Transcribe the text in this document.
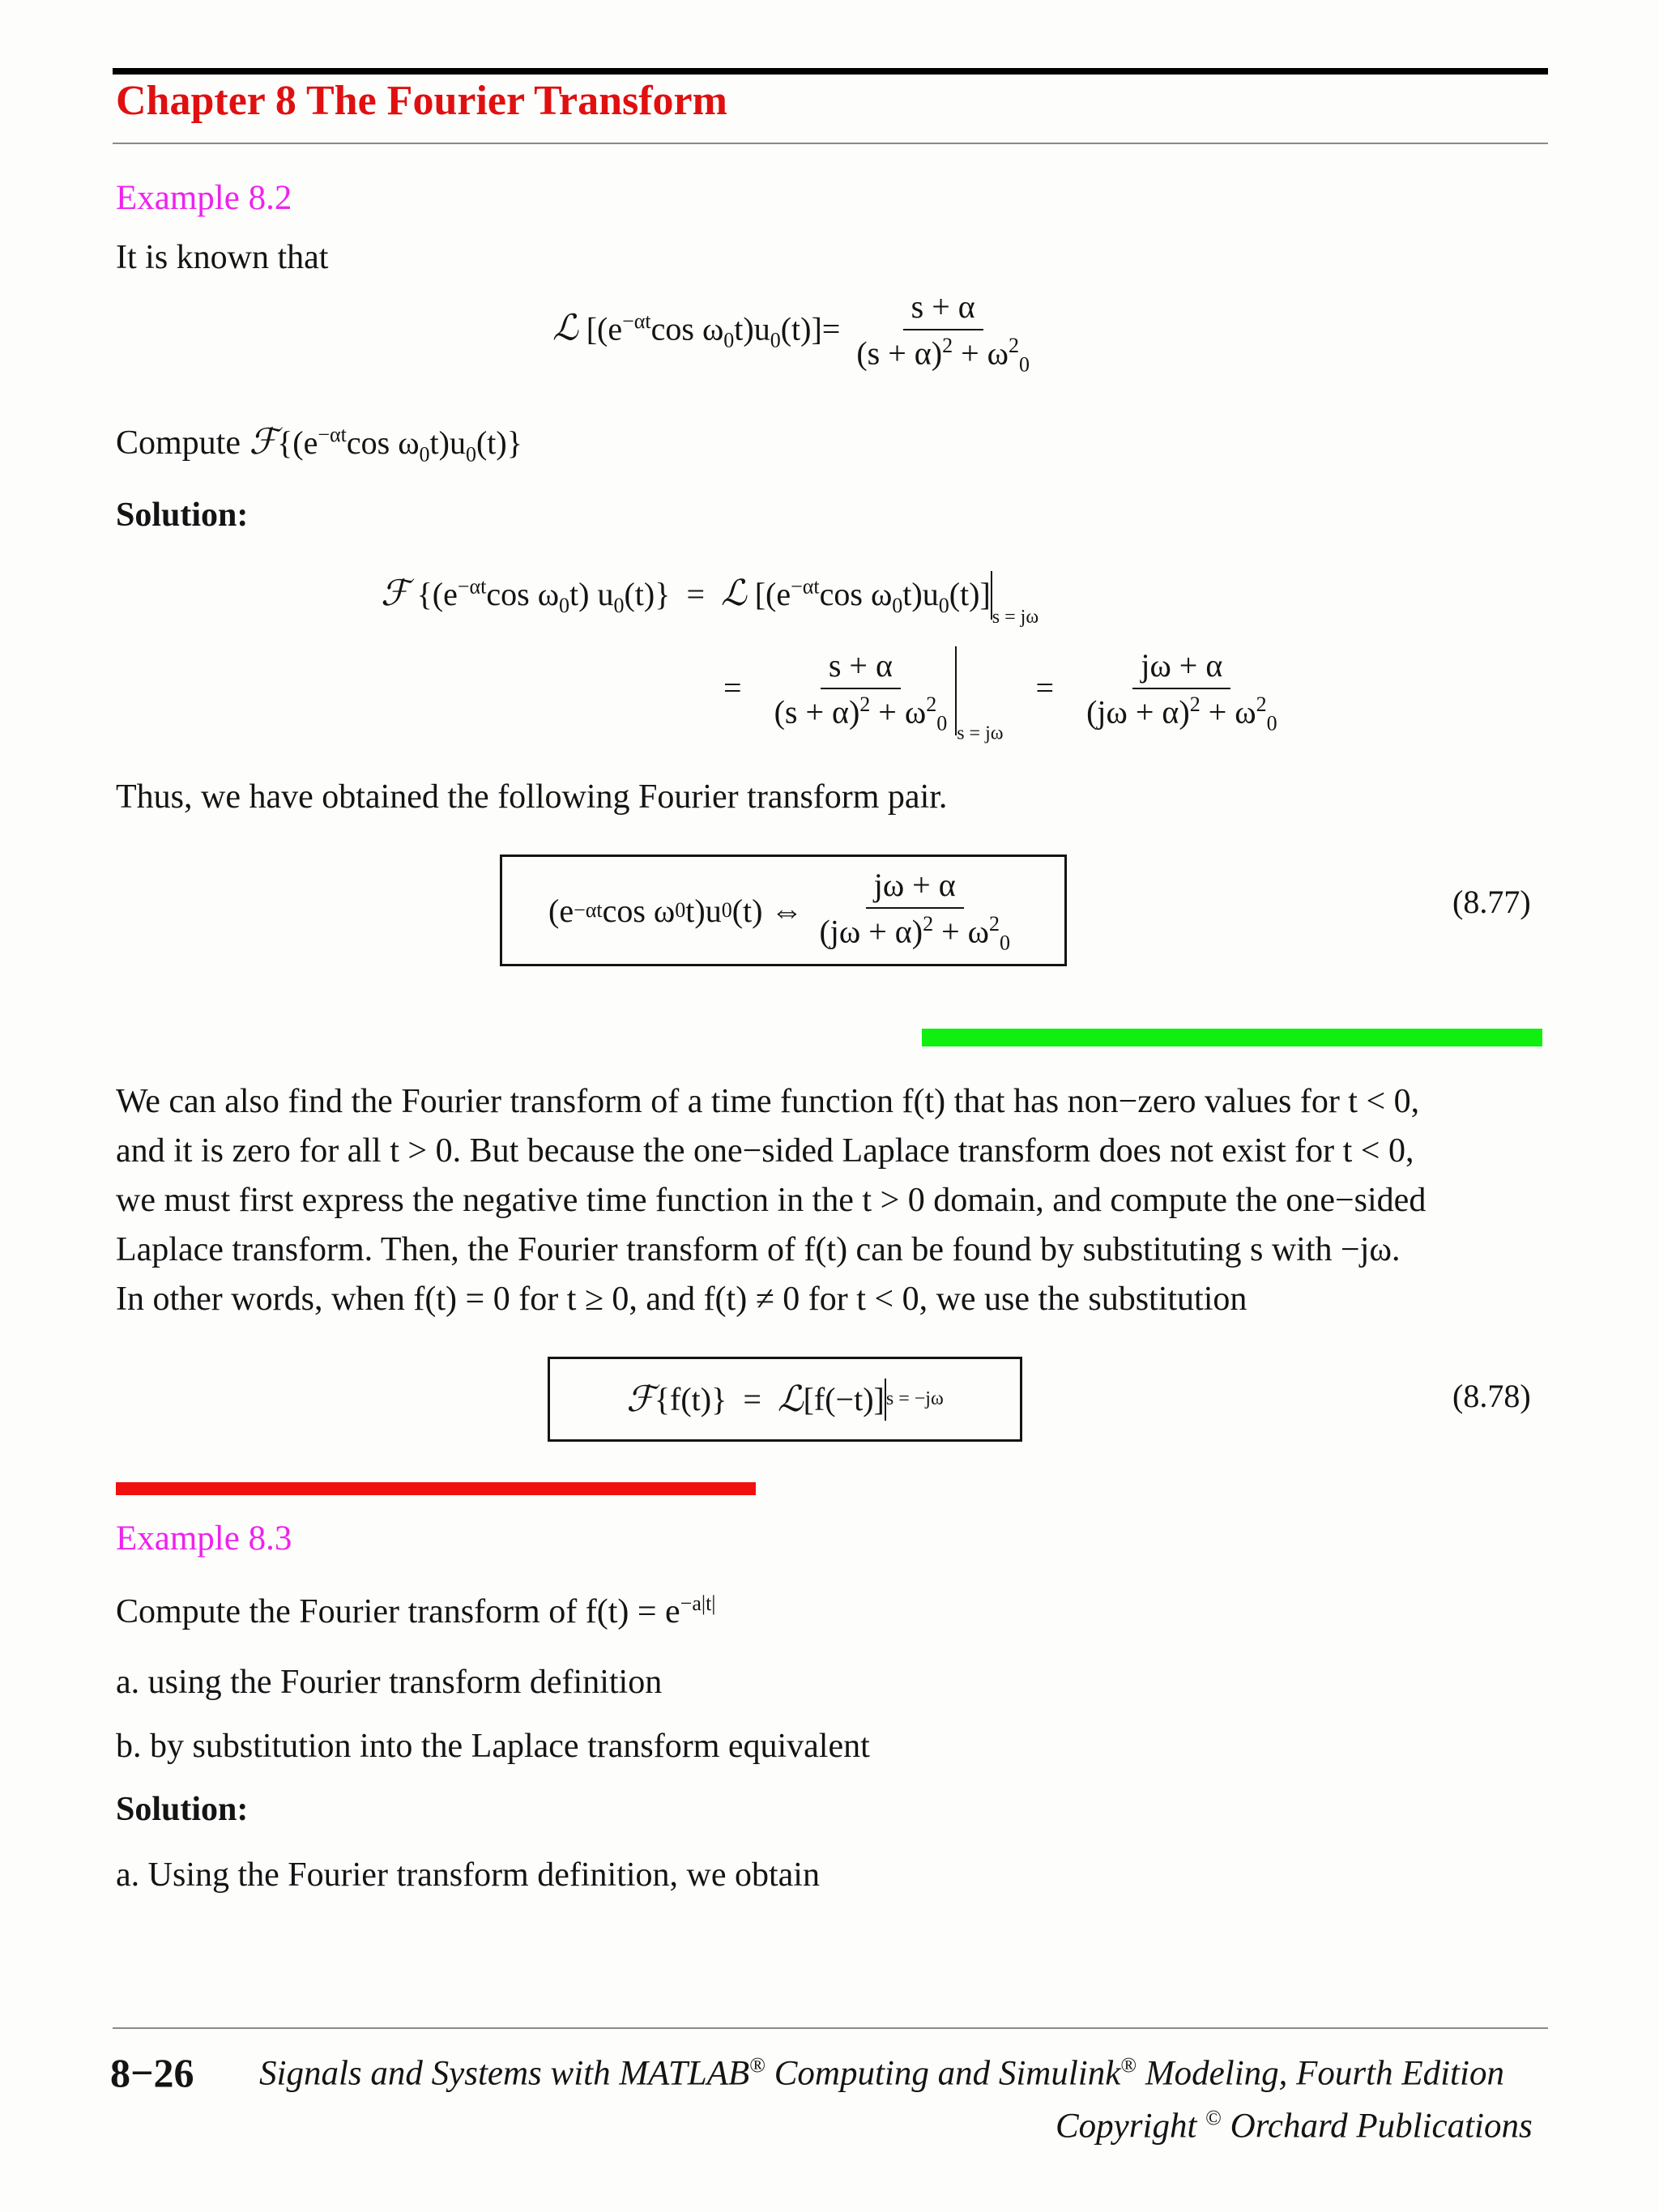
Chapter 8 The Fourier Transform
Example 8.2
It is known that
ℒ [($e^{-\alpha t}\cos$ $\omega_0t)u_0(t)]= \frac{s + \alpha}{(s + \alpha)^2 + \omega^2_0}$
Compute $ℱ\{(e^{-\alpha t}\cos$ $\omega_0t)u_0(t)$}
Solution:
ℱ {($e^{-\alpha t}\cos$ $\omega_0t$) $u_0(t)$} = ℒ [($e^{-\alpha t}\cos$ $\omega_0t)u_0(t)]_{s = j\omega}$
= $\frac{s + \alpha}{(s + \alpha)^2 + \omega^2_0} _{s = j\omega}$    = $\frac{j\omega + \alpha}{(j\omega + \alpha)^2 + \omega^2_0}$
Thus, we have obtained the following Fourier transform pair.
(e −αt cos ω 0 t)u 0 (t) ⇔
$\frac{j\omega + \alpha}{(j\omega + \alpha)^2 + \omega^2_0}$	(8.77)
We can also find the Fourier transform of a time function f(t) that has non−zero values for t < 0,
and it is zero for all t > 0. But because the one−sided Laplace transform does not exist for t < 0,
we must first express the negative time function in the t > 0 domain, and compute the one−sided
Laplace transform. Then, the Fourier transform of f(t) can be found by substituting s with −jω.
In other words, when f(t) = 0 for t ≥ 0, and f(t) ≠ 0 for t < 0, we use the substitution
ℱ {f(t)}
=
ℒ [f(−t)] s = −jω	(8.78)
Example 8.3
Compute the Fourier transform of $f(t) = e^{-a|t|}$
a. using the Fourier transform definition
b. by substitution into the Laplace transform equivalent
Solution:
a. Using the Fourier transform definition, we obtain
8−26 Signals and Systems with MATLAB® Computing and Simulink® Modeling, Fourth Edition
Copyright © Orchard Publications
